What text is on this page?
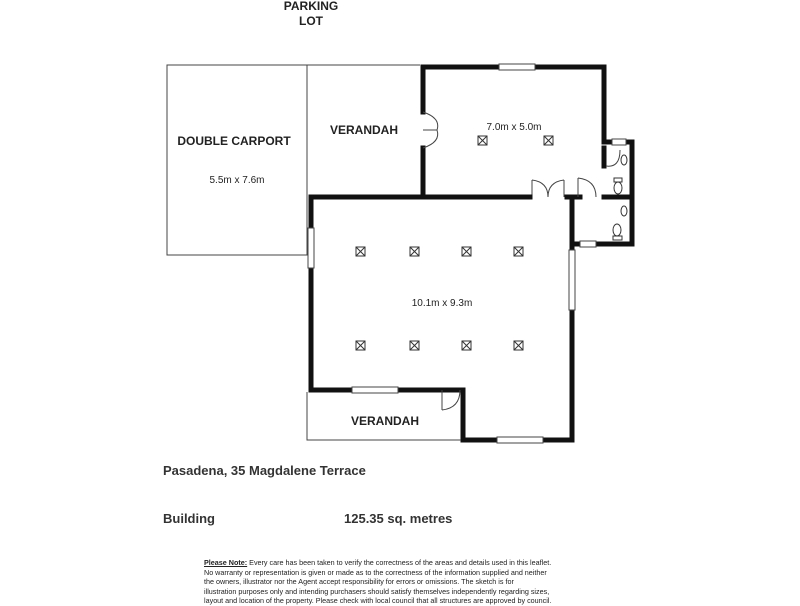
PARKING
LOT
DOUBLE CARPORT
5.5m x 7.6m
VERANDAH	7.0m x 5.0m
10.1m x 9.3m
VERANDAH
Pasadena, 35 Magdalene Terrace
Building	125.35 sq. metres
Please Note: Every care has been taken to verify the correctness of the areas and details used in this leaflet.
No warranty or representation is given or made as to the correctness of the information supplied and neither
the owners, illustrator nor the Agent accept responsibility for errors or omissions. The sketch is for
illustration purposes only and intending purchasers should satisfy themselves independently regarding sizes,
layout and location of the property. Please check with local council that all structures are approved by council.
